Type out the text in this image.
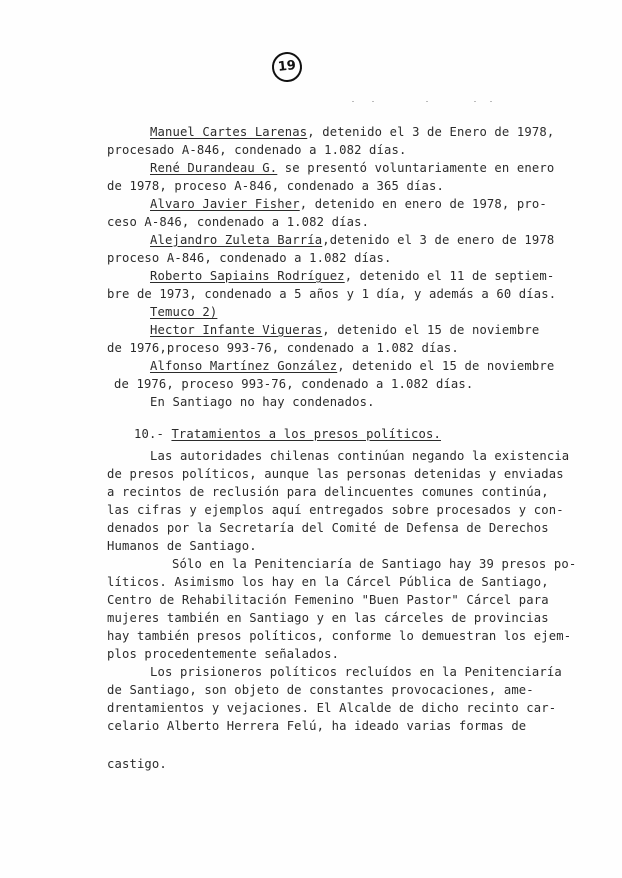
19
Manuel Cartes Larenas, detenido el 3 de Enero de 1978,
procesado A-846, condenado a 1.082 días.
René Durandeau G. se presentó voluntariamente en enero
de 1978, proceso A-846, condenado a 365 días.
Alvaro Javier Fisher, detenido en enero de 1978, pro-
ceso A-846, condenado a 1.082 días.
Alejandro Zuleta Barría,detenido el 3 de enero de 1978
proceso A-846, condenado a 1.082 días.
Roberto Sapiains Rodríguez, detenido el 11 de septiem-
bre de 1973, condenado a 5 años y 1 día, y además a 60 días.
Temuco 2)
Hector Infante Vigueras, detenido el 15 de noviembre
de 1976,proceso 993-76, condenado a 1.082 días.
Alfonso Martínez González, detenido el 15 de noviembre
de 1976, proceso 993-76, condenado a 1.082 días.
En Santiago no hay condenados.
10.- Tratamientos a los presos políticos.
Las autoridades chilenas continúan negando la existencia
de presos políticos, aunque las personas detenidas y enviadas
a recintos de reclusión para delincuentes comunes continúa,
las cifras y ejemplos aquí entregados sobre procesados y con-
denados por la Secretaría del Comité de Defensa de Derechos
Humanos de Santiago.
Sólo en la Penitenciaría de Santiago hay 39 presos po-
líticos. Asimismo los hay en la Cárcel Pública de Santiago,
Centro de Rehabilitación Femenino "Buen Pastor" Cárcel para
mujeres también en Santiago y en las cárceles de provincias
hay también presos políticos, conforme lo demuestran los ejem-
plos procedentemente señalados.
Los prisioneros políticos recluídos en la Penitenciaría
de Santiago, son objeto de constantes provocaciones, ame-
drentamientos y vejaciones. El Alcalde de dicho recinto car-
celario Alberto Herrera Felú, ha ideado varias formas de
castigo.
